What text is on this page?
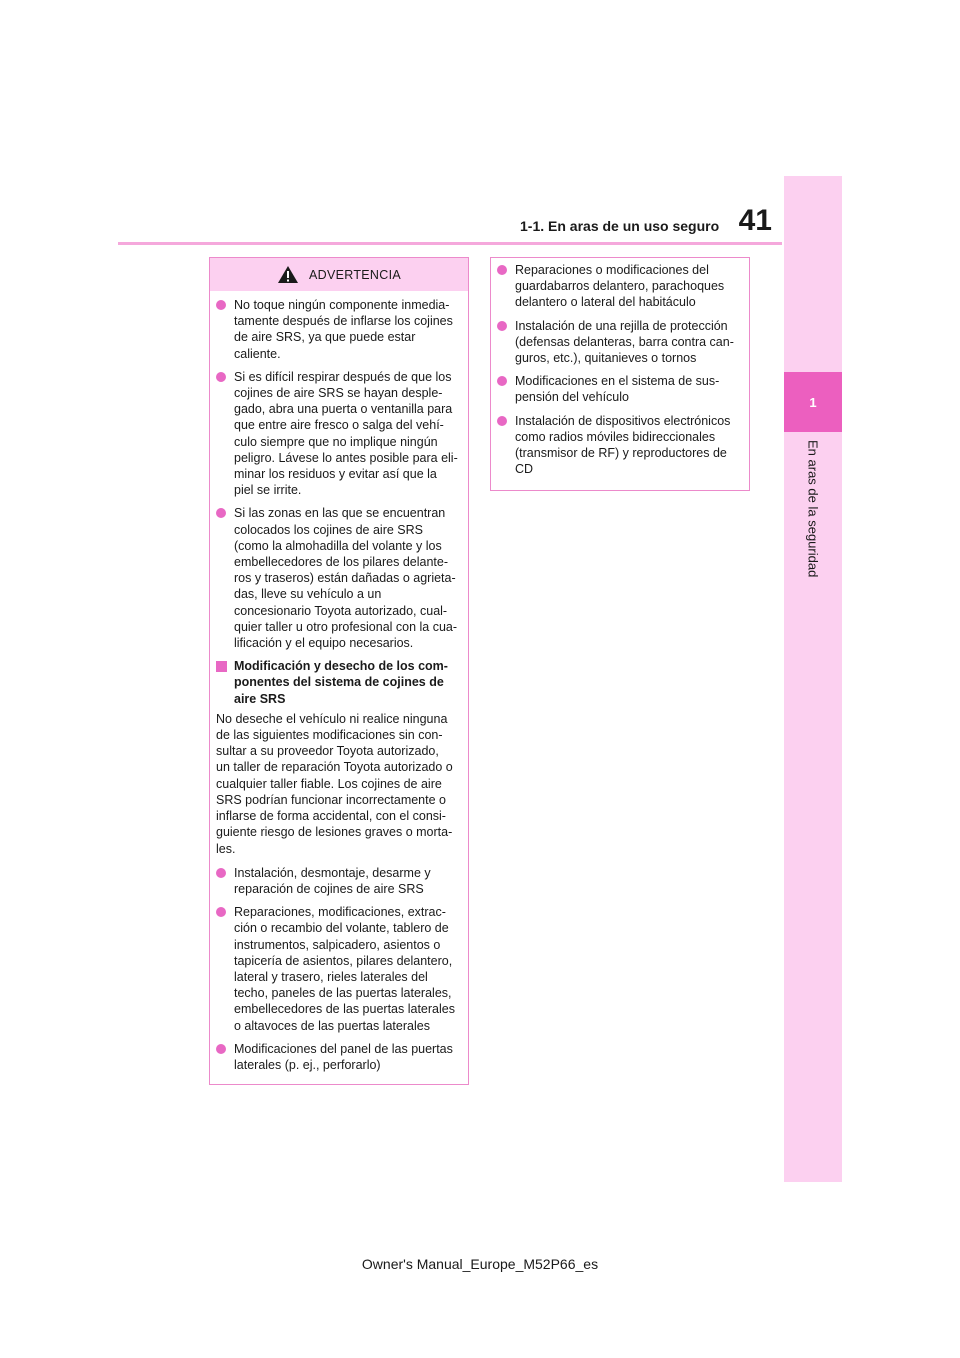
1
En aras de la seguridad
1-1. En aras de un uso seguro 41
ADVERTENCIA
No toque ningún componente inmedia-
tamente después de inflarse los cojines
de aire SRS, ya que puede estar
caliente.
Si es difícil respirar después de que los
cojines de aire SRS se hayan desple-
gado, abra una puerta o ventanilla para
que entre aire fresco o salga del vehí-
culo siempre que no implique ningún
peligro. Lávese lo antes posible para eli-
minar los residuos y evitar así que la
piel se irrite.
Si las zonas en las que se encuentran
colocados los cojines de aire SRS
(como la almohadilla del volante y los
embellecedores de los pilares delante-
ros y traseros) están dañadas o agrieta-
das, lleve su vehículo a un
concesionario Toyota autorizado, cual-
quier taller u otro profesional con la cua-
lificación y el equipo necesarios.
Modificación y desecho de los com-
ponentes del sistema de cojines de
aire SRS
No deseche el vehículo ni realice ninguna
de las siguientes modificaciones sin con-
sultar a su proveedor Toyota autorizado,
un taller de reparación Toyota autorizado o
cualquier taller fiable. Los cojines de aire
SRS podrían funcionar incorrectamente o
inflarse de forma accidental, con el consi-
guiente riesgo de lesiones graves o morta-
les.
Instalación, desmontaje, desarme y
reparación de cojines de aire SRS
Reparaciones, modificaciones, extrac-
ción o recambio del volante, tablero de
instrumentos, salpicadero, asientos o
tapicería de asientos, pilares delantero,
lateral y trasero, rieles laterales del
techo, paneles de las puertas laterales,
embellecedores de las puertas laterales
o altavoces de las puertas laterales
Modificaciones del panel de las puertas
laterales (p. ej., perforarlo)
Reparaciones o modificaciones del
guardabarros delantero, parachoques
delantero o lateral del habitáculo
Instalación de una rejilla de protección
(defensas delanteras, barra contra can-
guros, etc.), quitanieves o tornos
Modificaciones en el sistema de sus-
pensión del vehículo
Instalación de dispositivos electrónicos
como radios móviles bidireccionales
(transmisor de RF) y reproductores de
CD
Owner's Manual_Europe_M52P66_es
